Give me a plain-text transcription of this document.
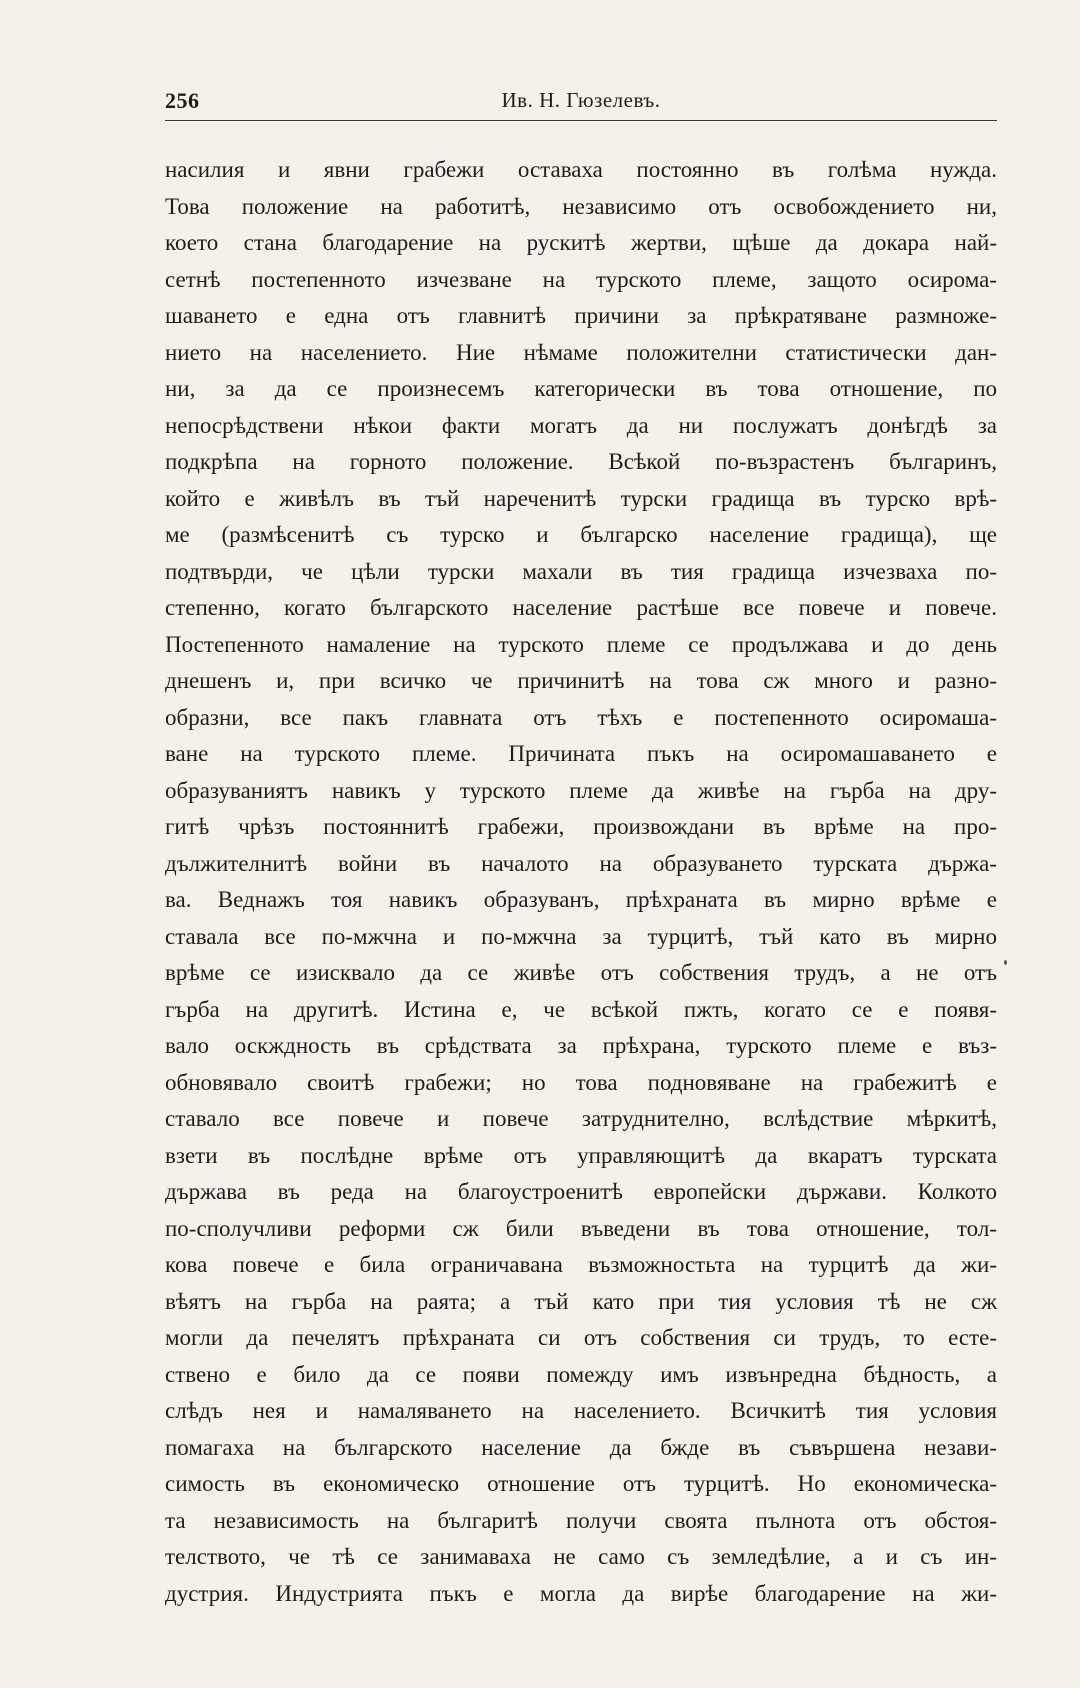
256	Ив. Н. Гюзелевъ.
насилия и явни грабежи оставаха постоянно въ голѣма нужда.
Това положение на работитѣ, независимо отъ освобождението ни,
което стана благодарение на рускитѣ жертви, щѣше да докара най-
сетнѣ постепенното изчезване на турското племе, защото осирома-
шаването е една отъ главнитѣ причини за прѣкратяване размноже-
нието на населението. Ние нѣмаме положителни статистически дан-
ни, за да се произнесемъ категорически въ това отношение, по
непосрѣдствени нѣкои факти могатъ да ни послужатъ донѣгдѣ за
подкрѣпа на горното положение. Всѣкой по-възрастенъ българинъ,
който е живѣлъ въ тъй нареченитѣ турски градища въ турско врѣ-
ме (размѣсенитѣ съ турско и българско население градища), ще
подтвърди, че цѣли турски махали въ тия градища изчезваха по-
степенно, когато българското население растѣше все повече и повече.
Постепенното намаление на турското племе се продължава и до день
днешенъ и, при всичко че причинитѣ на това сж много и разно-
образни, все пакъ главната отъ тѣхъ е постепенното осиромаша-
ване на турското племе. Причината пъкъ на осиромашаването е
образуваниятъ навикъ у турското племе да живѣе на гърба на дру-
гитѣ чрѣзъ постояннитѣ грабежи, произвождани въ врѣме на про-
дължителнитѣ войни въ началото на образуването турската държа-
ва. Веднажъ тоя навикъ образуванъ, прѣхраната въ мирно врѣме е
ставала все по-мжчна и по-мжчна за турцитѣ, тъй като въ мирно
врѣме се изисквало да се живѣе отъ собствения трудъ, а не отъ
гърба на другитѣ. Истина е, че всѣкой пжть, когато се е появя-
вало оскждность въ срѣдствата за прѣхрана, турското племе е въз-
обновявало своитѣ грабежи; но това подновяване на грабежитѣ е
ставало все повече и повече затруднително, вслѣдствие мѣркитѣ,
взети въ послѣдне врѣме отъ управляющитѣ да вкаратъ турската
държава въ реда на благоустроенитѣ европейски държави. Колкото
по-сполучливи реформи сж били въведени въ това отношение, тол-
кова повече е била ограничавана възможностьта на турцитѣ да жи-
вѣятъ на гърба на раята; а тъй като при тия условия тѣ не сж
могли да печелятъ прѣхраната си отъ собствения си трудъ, то есте-
ствено е било да се появи помежду имъ извънредна бѣдность, а
слѣдъ нея и намаляването на населението. Всичкитѣ тия условия
помагаха на българското население да бжде въ съвършена незави-
симость въ економическо отношение отъ турцитѣ. Но економическа-
та независимость на българитѣ получи своята пълнота отъ обстоя-
телството, че тѣ се занимаваха не само съ земледѣлие, а и съ ин-
дустрия. Индустрията пъкъ е могла да вирѣе благодарение на жи-
